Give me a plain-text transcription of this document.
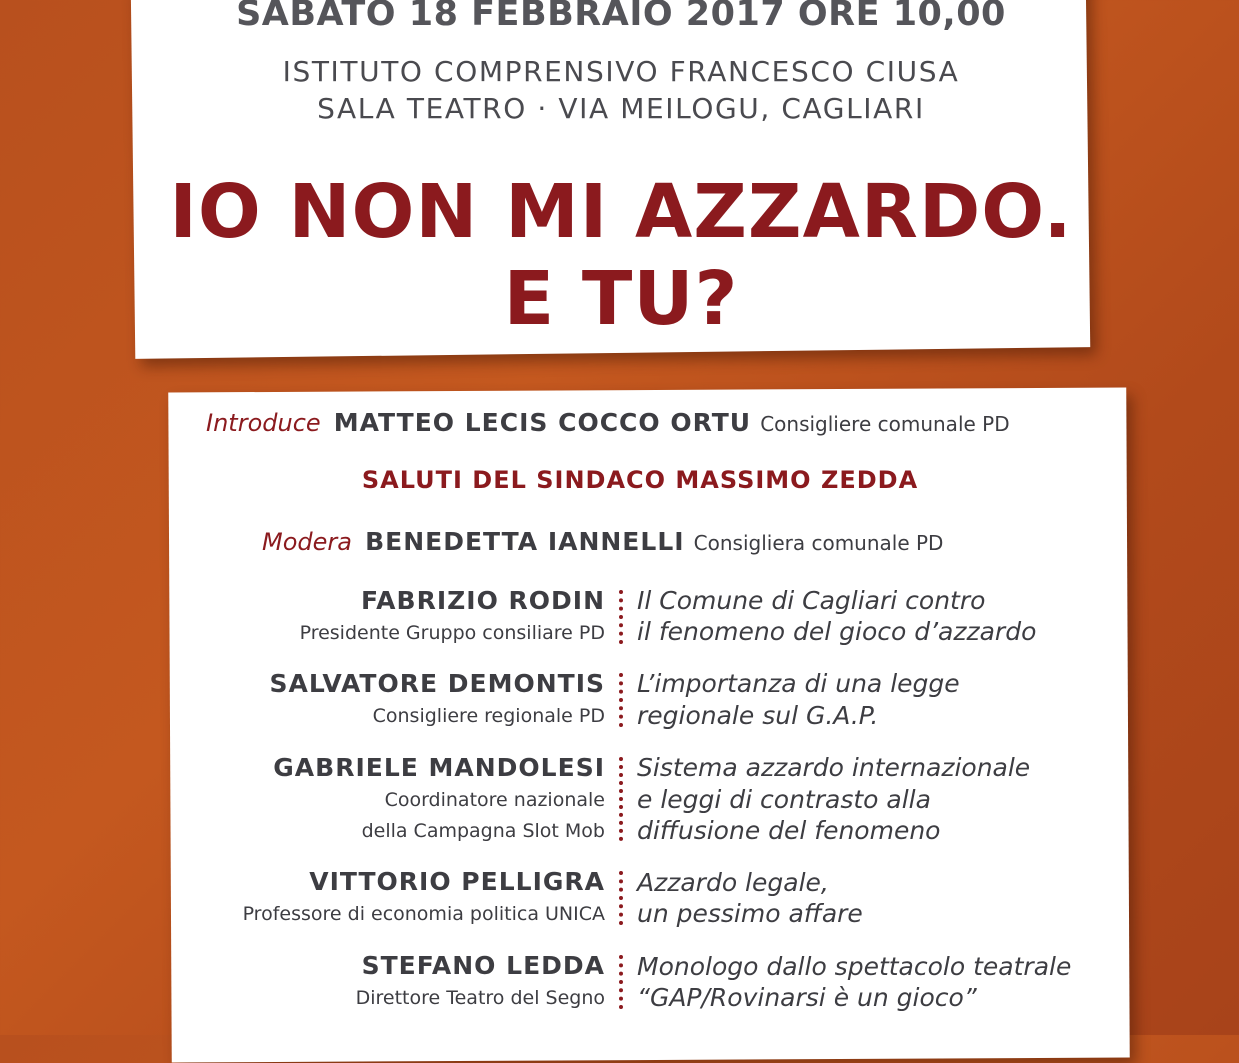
SABATO 18 FEBBRAIO 2017 ORE 10,00
ISTITUTO COMPRENSIVO FRANCESCO CIUSA
SALA TEATRO · VIA MEILOGU, CAGLIARI
IO NON MI AZZARDO.
E TU?
Introduce MATTEO LECIS COCCO ORTU Consigliere comunale PD
SALUTI DEL SINDACO MASSIMO ZEDDA
Modera BENEDETTA IANNELLI Consigliera comunale PD
FABRIZIO RODIN
Presidente Gruppo consiliare PD
Il Comune di Cagliari contro
il fenomeno del gioco d’azzardo
SALVATORE DEMONTIS
Consigliere regionale PD
L’importanza di una legge
regionale sul G.A.P.
GABRIELE MANDOLESI
Coordinatore nazionale
della Campagna Slot Mob
Sistema azzardo internazionale
e leggi di contrasto alla
diffusione del fenomeno
VITTORIO PELLIGRA
Professore di economia politica UNICA
Azzardo legale,
un pessimo affare
STEFANO LEDDA
Direttore Teatro del Segno
Monologo dallo spettacolo teatrale
“GAP/Rovinarsi è un gioco”
